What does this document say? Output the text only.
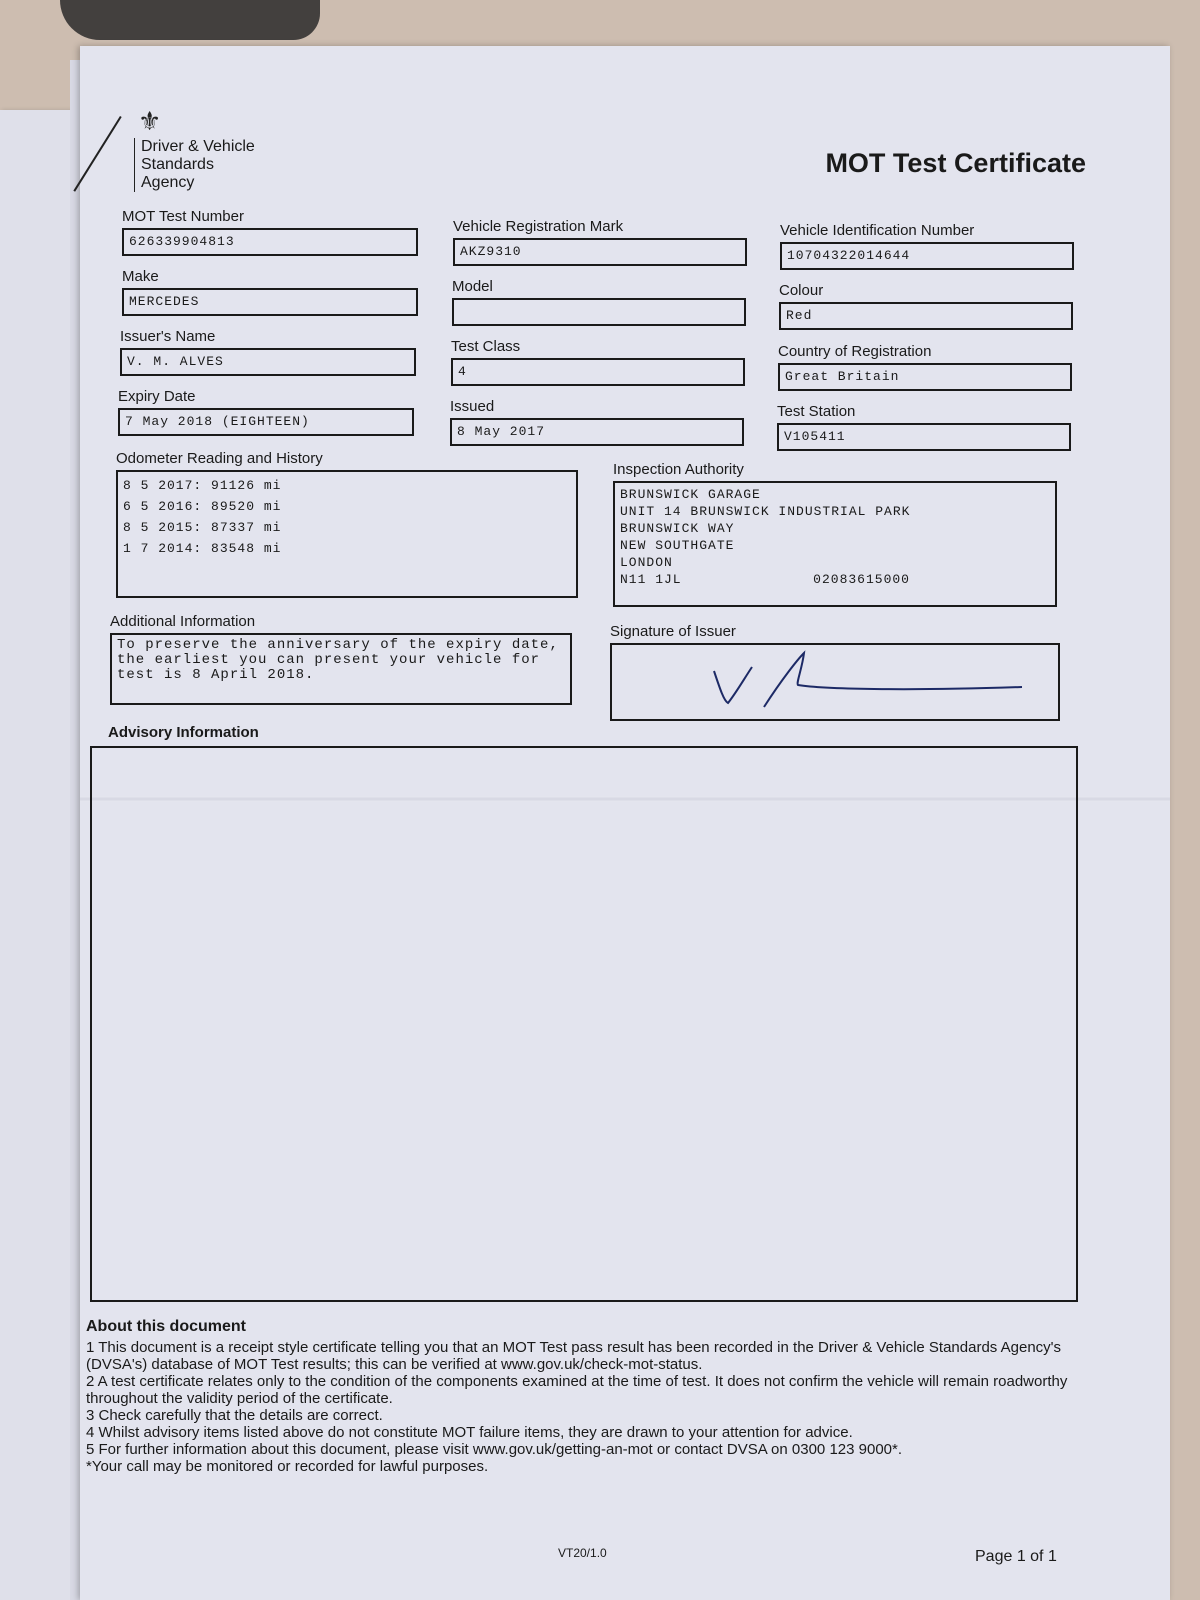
⚜
Driver & Vehicle
Standards
Agency
MOT Test Certificate
MOT Test Number
626339904813
Make
MERCEDES
Issuer's Name
V. M. ALVES
Expiry Date
7 May 2018 (EIGHTEEN)
Vehicle Registration Mark
AKZ9310
Model
Test Class
4
Issued
8 May 2017
Vehicle Identification Number
10704322014644
Colour
Red
Country of Registration
Great Britain
Test Station
V105411
Odometer Reading and History
8 5 2017: 91126 mi
6 5 2016: 89520 mi
8 5 2015: 87337 mi
1 7 2014: 83548 mi
Inspection Authority
BRUNSWICK GARAGE
UNIT 14 BRUNSWICK INDUSTRIAL PARK
BRUNSWICK WAY
NEW SOUTHGATE
LONDON
N11 1JL	02083615000
Additional Information
To preserve the anniversary of the expiry date,
the earliest you can present your vehicle for
test is 8 April 2018.
Signature of Issuer
Advisory Information
About this document

1 This document is a receipt style certificate telling you that an MOT Test pass result has been recorded in the Driver & Vehicle Standards Agency's (DVSA's) database of MOT Test results; this can be verified at www.gov.uk/check-mot-status.

2 A test certificate relates only to the condition of the components examined at the time of test. It does not confirm the vehicle will remain roadworthy throughout the validity period of the certificate.

3 Check carefully that the details are correct.

4 Whilst advisory items listed above do not constitute MOT failure items, they are drawn to your attention for advice.

5 For further information about this document, please visit www.gov.uk/getting-an-mot or contact DVSA on 0300 123 9000*.

*Your call may be monitored or recorded for lawful purposes.

VT20/1.0	Page 1 of 1
